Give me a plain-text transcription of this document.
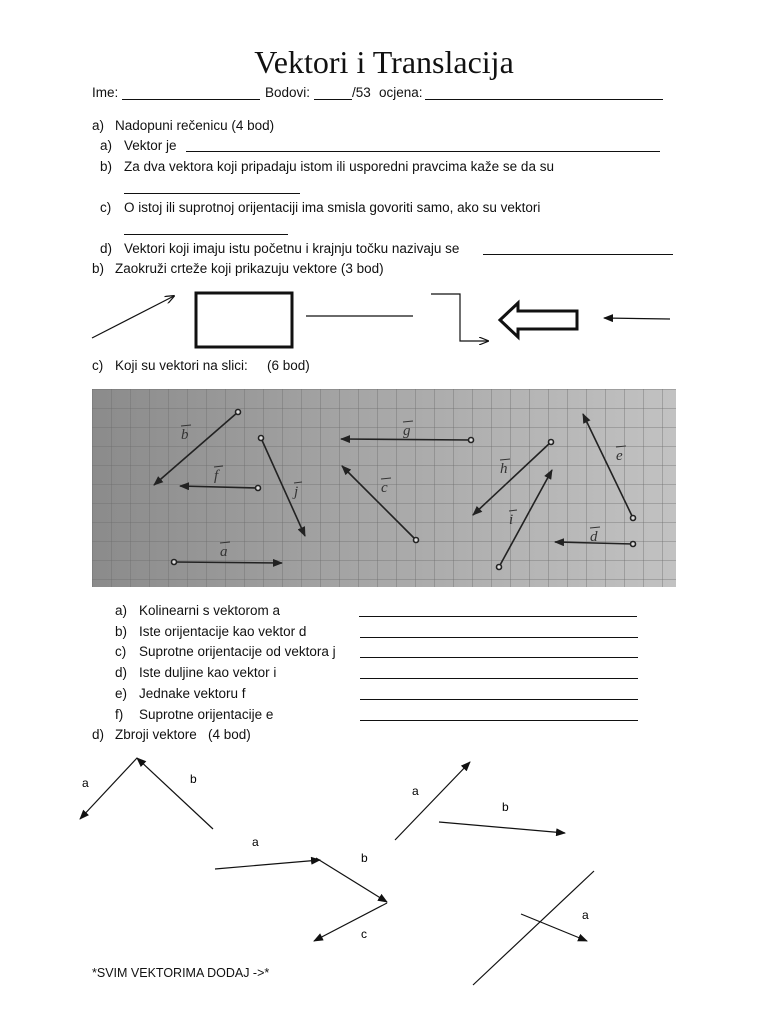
Vektori i Translacija
Ime:	Bodovi:	/53 ocjena:
a) Nadopuni rečenicu (4 bod)
a) Vektor je
b) Za dva vektora koji pripadaju istom ili usporedni pravcima kaže se da su
c) O istoj ili suprotnoj orijentaciji ima smisla govoriti samo, ako su vektori
d) Vektori koji imaju istu početnu i krajnju točku nazivaju se
b) Zaokruži crteže koji prikazuju vektore (3 bod)
c) Koji su vektori na slici: (6 bod)
b
f
j
g
c
h
i
e
d
a
a) Kolinearni s vektorom a
b) Iste orijentacije kao vektor d
c) Suprotne orijentacije od vektora j
d) Iste duljine kao vektor i
e) Jednake vektoru f
f) Suprotne orijentacije e
d) Zbroji vektore (4 bod)
a	b
a
b
a
b
c
a
*SVIM VEKTORIMA DODAJ ->*
